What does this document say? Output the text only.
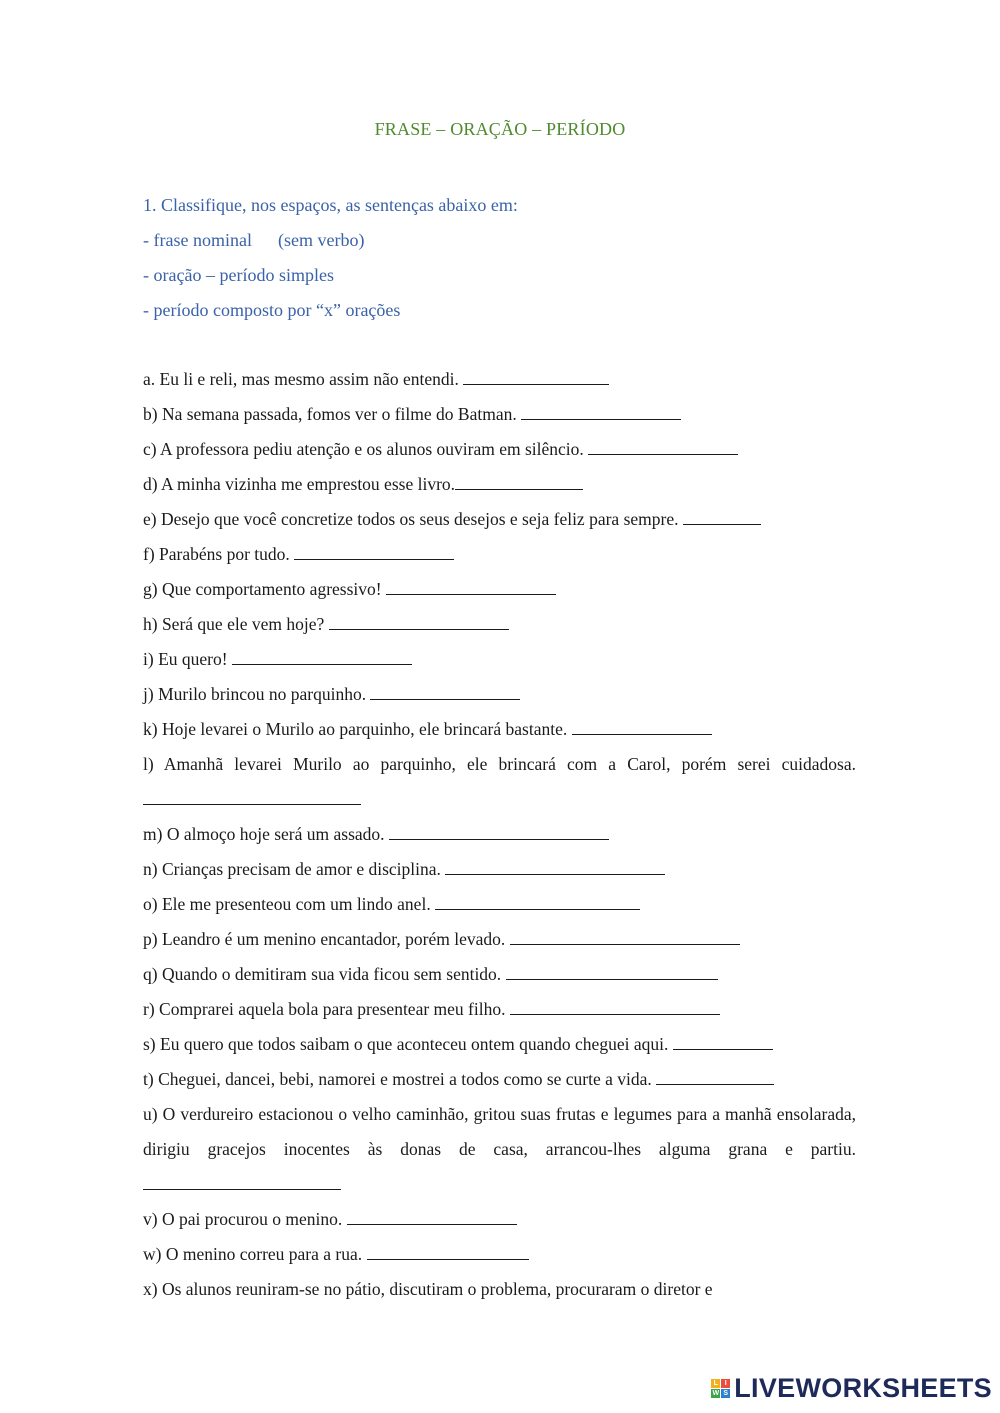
FRASE – ORAÇÃO – PERÍODO
1. Classifique, nos espaços, as sentenças abaixo em:
- frase nominal (sem verbo)
- oração – período simples
- período composto por “x” orações
a. Eu li e reli, mas mesmo assim não entendi.
b) Na semana passada, fomos ver o filme do Batman.
c) A professora pediu atenção e os alunos ouviram em silêncio.
d) A minha vizinha me emprestou esse livro.
e) Desejo que você concretize todos os seus desejos e seja feliz para sempre.
f) Parabéns por tudo.
g) Que comportamento agressivo!
h) Será que ele vem hoje?
i) Eu quero!
j) Murilo brincou no parquinho.
k) Hoje levarei o Murilo ao parquinho, ele brincará bastante.
l) Amanhã levarei Murilo ao parquinho, ele brincará com a Carol, porém serei cuidadosa.
m) O almoço hoje será um assado.
n) Crianças precisam de amor e disciplina.
o) Ele me presenteou com um lindo anel.
p) Leandro é um menino encantador, porém levado.
q) Quando o demitiram sua vida ficou sem sentido.
r) Comprarei aquela bola para presentear meu filho.
s) Eu quero que todos saibam o que aconteceu ontem quando cheguei aqui.
t) Cheguei, dancei, bebi, namorei e mostrei a todos como se curte a vida.
u) O verdureiro estacionou o velho caminhão, gritou suas frutas e legumes para a manhã ensolarada, dirigiu gracejos inocentes às donas de casa, arrancou-lhes alguma grana e partiu.
v) O pai procurou o menino.
w) O menino correu para a rua.
x) Os alunos reuniram-se no pátio, discutiram o problema, procuraram o diretor e
L I
W S LIVEWORKSHEETS
